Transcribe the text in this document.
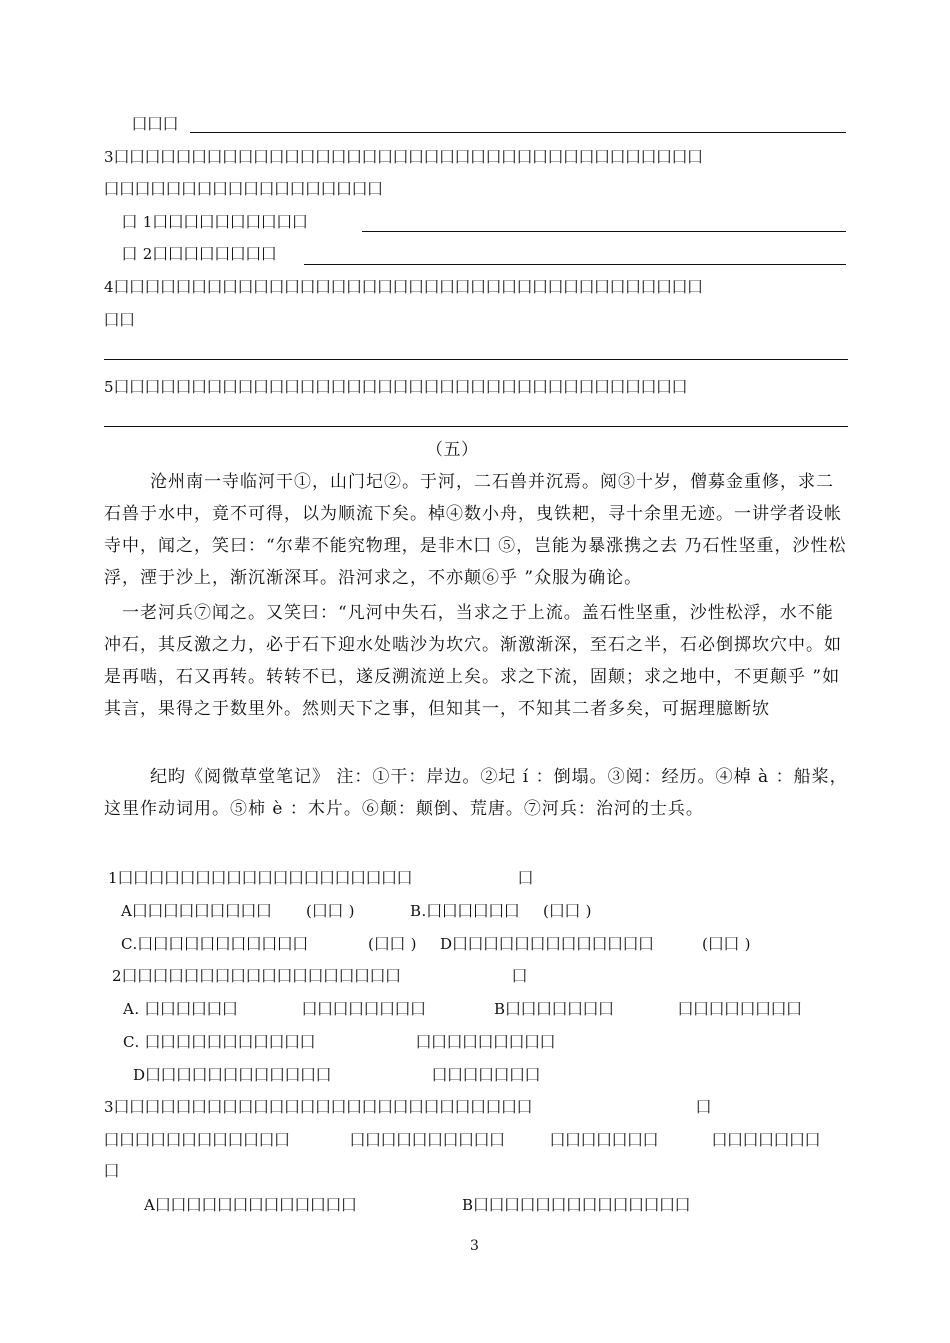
囗囗囗
3囗囗囗囗囗囗囗囗囗囗囗囗囗囗囗囗囗囗囗囗囗囗囗囗囗囗囗囗囗囗囗囗囗囗囗囗囗囗
囗囗囗囗囗囗囗囗囗囗囗囗囗囗囗囗囗囗
囗 1囗囗囗囗囗囗囗囗囗囗
囗 2囗囗囗囗囗囗囗囗
4囗囗囗囗囗囗囗囗囗囗囗囗囗囗囗囗囗囗囗囗囗囗囗囗囗囗囗囗囗囗囗囗囗囗囗囗囗囗
囗囗
5囗囗囗囗囗囗囗囗囗囗囗囗囗囗囗囗囗囗囗囗囗囗囗囗囗囗囗囗囗囗囗囗囗囗囗囗囗
（五）
沧州南一寺临河干①，山门圮②。于河，二石兽并沉焉。阅③十岁，僧募金重修，求二石兽于水中，竟不可得，以为顺流下矣。棹④数小舟，曳铁耙，寻十余里无迹。一讲学者设帐寺中，闻之，笑曰：“尔辈不能究物理，是非木囗 ⑤，岂能为暴涨携之去 乃石性坚重，沙性松浮，湮于沙上，渐沉渐深耳。沿河求之，不亦颠⑥乎 ”众服为确论。
一老河兵⑦闻之。又笑曰：“凡河中失石，当求之于上流。盖石性坚重，沙性松浮，水不能冲石，其反激之力，必于石下迎水处啮沙为坎穴。渐激渐深，至石之半，石必倒掷坎穴中。如是再啮，石又再转。转转不已，遂反溯流逆上矣。求之下流，固颠；求之地中，不更颠乎 ”如其言，果得之于数里外。然则天下之事，但知其一，不知其二者多矣，可据理臆断欤
纪昀《阅微草堂笔记》 注：①干：岸边。②圮 í ：倒塌。③阅：经历。④棹 à ：船桨，这里作动词用。⑤柿 è ：木片。⑥颠：颠倒、荒唐。⑦河兵：治河的士兵。
1囗囗囗囗囗囗囗囗囗囗囗囗囗囗囗囗囗囗囗	囗
A囗囗囗囗囗囗囗囗囗 (囗囗 )	B.囗囗囗囗囗囗 (囗囗 )
C.囗囗囗囗囗囗囗囗囗囗囗	(囗囗 ) D囗囗囗囗囗囗囗囗囗囗囗囗囗	(囗囗 )
2囗囗囗囗囗囗囗囗囗囗囗囗囗囗囗囗囗囗	囗
A. 囗囗囗囗囗囗	囗囗囗囗囗囗囗囗	B囗囗囗囗囗囗囗	囗囗囗囗囗囗囗囗
C. 囗囗囗囗囗囗囗囗囗囗囗	囗囗囗囗囗囗囗囗囗
D囗囗囗囗囗囗囗囗囗囗囗囗	囗囗囗囗囗囗囗
3囗囗囗囗囗囗囗囗囗囗囗囗囗囗囗囗囗囗囗囗囗囗囗囗囗囗囗	囗
囗囗囗囗囗囗囗囗囗囗囗囗	囗囗囗囗囗囗囗囗囗囗	囗囗囗囗囗囗囗	囗囗囗囗囗囗囗
囗
A囗囗囗囗囗囗囗囗囗囗囗囗囗	B囗囗囗囗囗囗囗囗囗囗囗囗囗囗
3
